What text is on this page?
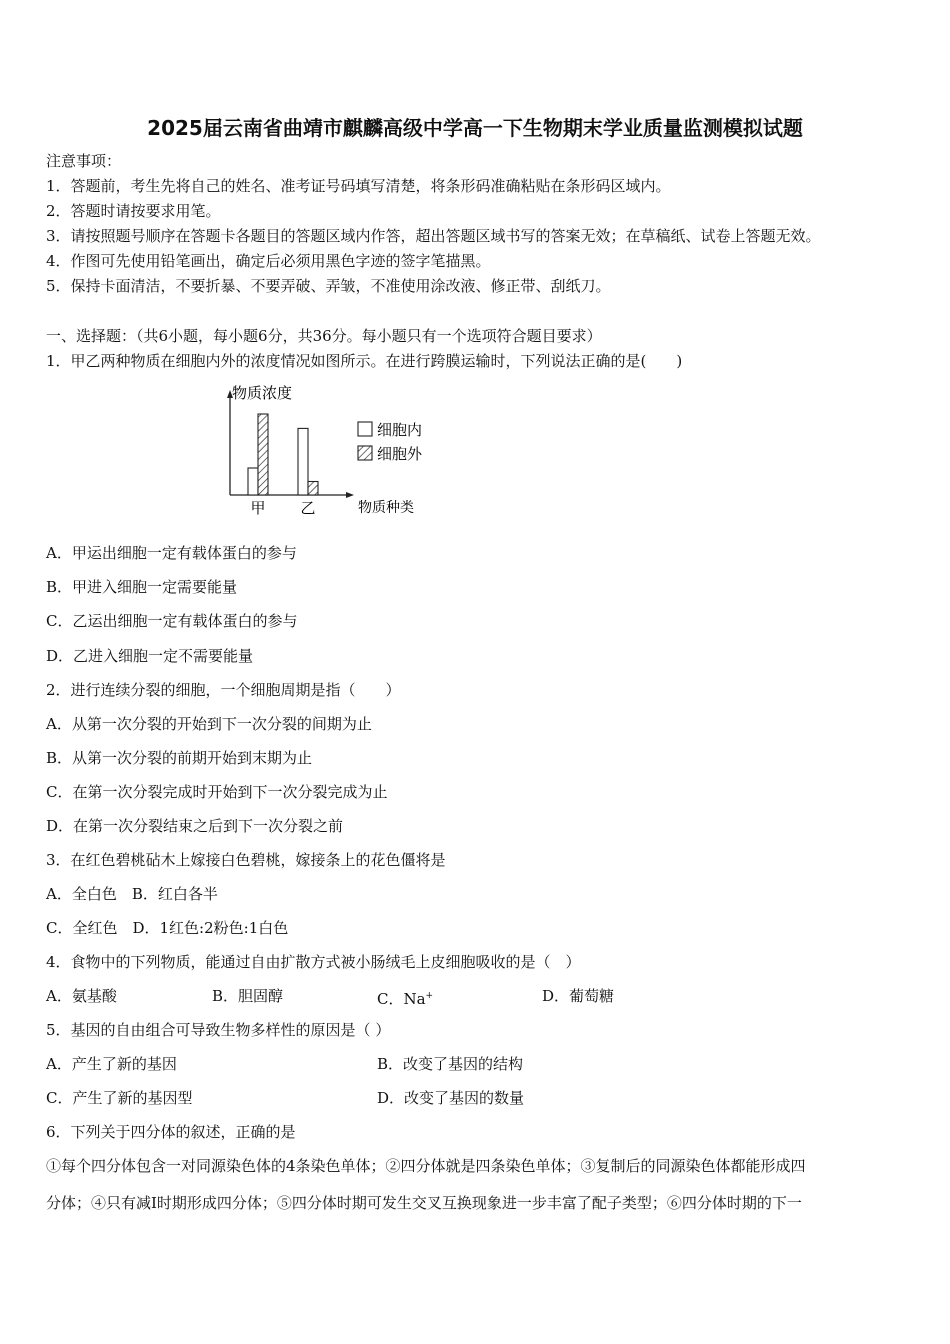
2025届云南省曲靖市麒麟高级中学高一下生物期末学业质量监测模拟试题
注意事项：
1．答题前，考生先将自己的姓名、准考证号码填写清楚，将条形码准确粘贴在条形码区域内。
2．答题时请按要求用笔。
3．请按照题号顺序在答题卡各题目的答题区域内作答，超出答题区域书写的答案无效；在草稿纸、试卷上答题无效。
4．作图可先使用铅笔画出，确定后必须用黑色字迹的签字笔描黑。
5．保持卡面清洁，不要折暴、不要弄破、弄皱，不准使用涂改液、修正带、刮纸刀。
一、选择题：（共6小题，每小题6分，共36分。每小题只有一个选项符合题目要求）
1．甲乙两种物质在细胞内外的浓度情况如图所示。在进行跨膜运输时，下列说法正确的是(　　)
物质浓度
物质种类
甲 乙
细胞内
细胞外
A．甲运出细胞一定有载体蛋白的参与
B．甲进入细胞一定需要能量
C．乙运出细胞一定有载体蛋白的参与
D．乙进入细胞一定不需要能量
2．进行连续分裂的细胞，一个细胞周期是指（　　）
A．从第一次分裂的开始到下一次分裂的间期为止
B．从第一次分裂的前期开始到末期为止
C．在第一次分裂完成时开始到下一次分裂完成为止
D．在第一次分裂结束之后到下一次分裂之前
3．在红色碧桃砧木上嫁接白色碧桃，嫁接条上的花色僵将是
A．全白色　B．红白各半
C．全红色　D．1红色:2粉色:1白色
4．食物中的下列物质，能通过自由扩散方式被小肠绒毛上皮细胞吸收的是（　）
A．氨基酸	B．胆固醇	C．Na+	D．葡萄糖
5．基因的自由组合可导致生物多样性的原因是（ ）
A．产生了新的基因	B．改变了基因的结构
C．产生了新的基因型	D．改变了基因的数量
6．下列关于四分体的叙述，正确的是
①每个四分体包含一对同源染色体的4条染色单体；②四分体就是四条染色单体；③复制后的同源染色体都能形成四
分体；④只有减Ⅰ时期形成四分体；⑤四分体时期可发生交叉互换现象进一步丰富了配子类型；⑥四分体时期的下一
